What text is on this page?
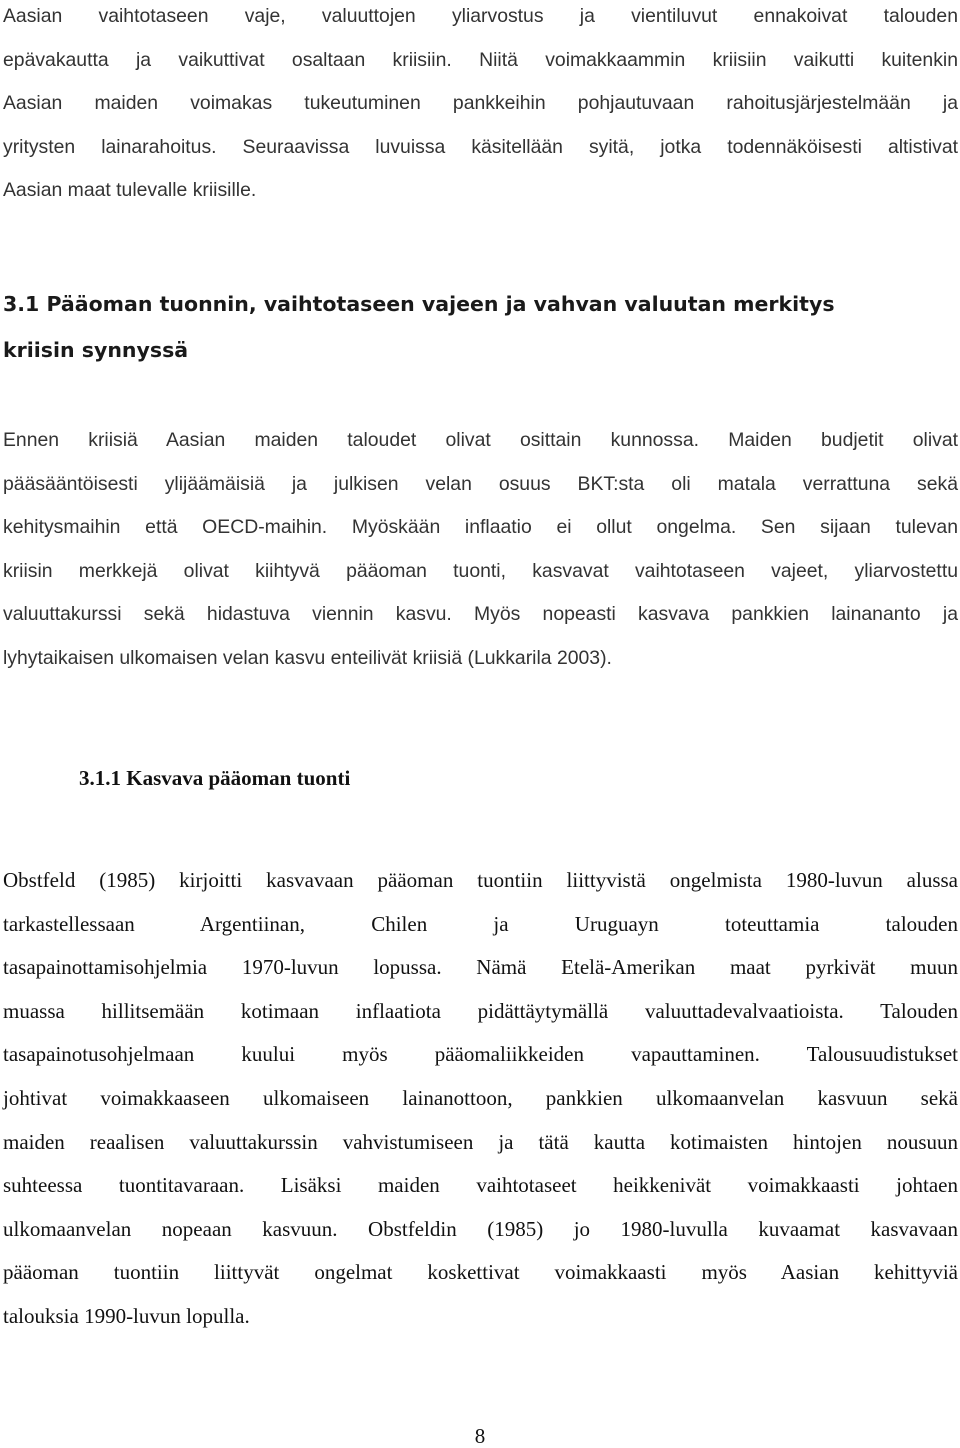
Aasian vaihtotaseen vaje, valuuttojen yliarvostus ja vientiluvut ennakoivat talouden
epävakautta ja vaikuttivat osaltaan kriisiin. Niitä voimakkaammin kriisiin vaikutti kuitenkin
Aasian maiden voimakas tukeutuminen pankkeihin pohjautuvaan rahoitusjärjestelmään ja
yritysten lainarahoitus. Seuraavissa luvuissa käsitellään syitä, jotka todennäköisesti altistivat
Aasian maat tulevalle kriisille.
3.1 Pääoman tuonnin, vaihtotaseen vajeen ja vahvan valuutan merkitys
kriisin synnyssä
Ennen kriisiä Aasian maiden taloudet olivat osittain kunnossa. Maiden budjetit olivat
pääsääntöisesti ylijäämäisiä ja julkisen velan osuus BKT:sta oli matala verrattuna sekä
kehitysmaihin että OECD-maihin. Myöskään inflaatio ei ollut ongelma. Sen sijaan tulevan
kriisin merkkejä olivat kiihtyvä pääoman tuonti, kasvavat vaihtotaseen vajeet, yliarvostettu
valuuttakurssi sekä hidastuva viennin kasvu. Myös nopeasti kasvava pankkien lainananto ja
lyhytaikaisen ulkomaisen velan kasvu enteilivät kriisiä (Lukkarila 2003).
3.1.1 Kasvava pääoman tuonti
Obstfeld (1985) kirjoitti kasvavaan pääoman tuontiin liittyvistä ongelmista 1980-luvun alussa
tarkastellessaan Argentiinan, Chilen ja Uruguayn toteuttamia talouden
tasapainottamisohjelmia 1970-luvun lopussa. Nämä Etelä-Amerikan maat pyrkivät muun
muassa hillitsemään kotimaan inflaatiota pidättäytymällä valuuttadevalvaatioista. Talouden
tasapainotusohjelmaan kuului myös pääomaliikkeiden vapauttaminen. Talousuudistukset
johtivat voimakkaaseen ulkomaiseen lainanottoon, pankkien ulkomaanvelan kasvuun sekä
maiden reaalisen valuuttakurssin vahvistumiseen ja tätä kautta kotimaisten hintojen nousuun
suhteessa tuontitavaraan. Lisäksi maiden vaihtotaseet heikkenivät voimakkaasti johtaen
ulkomaanvelan nopeaan kasvuun. Obstfeldin (1985) jo 1980-luvulla kuvaamat kasvavaan
pääoman tuontiin liittyvät ongelmat koskettivat voimakkaasti myös Aasian kehittyviä
talouksia 1990-luvun lopulla.
8
